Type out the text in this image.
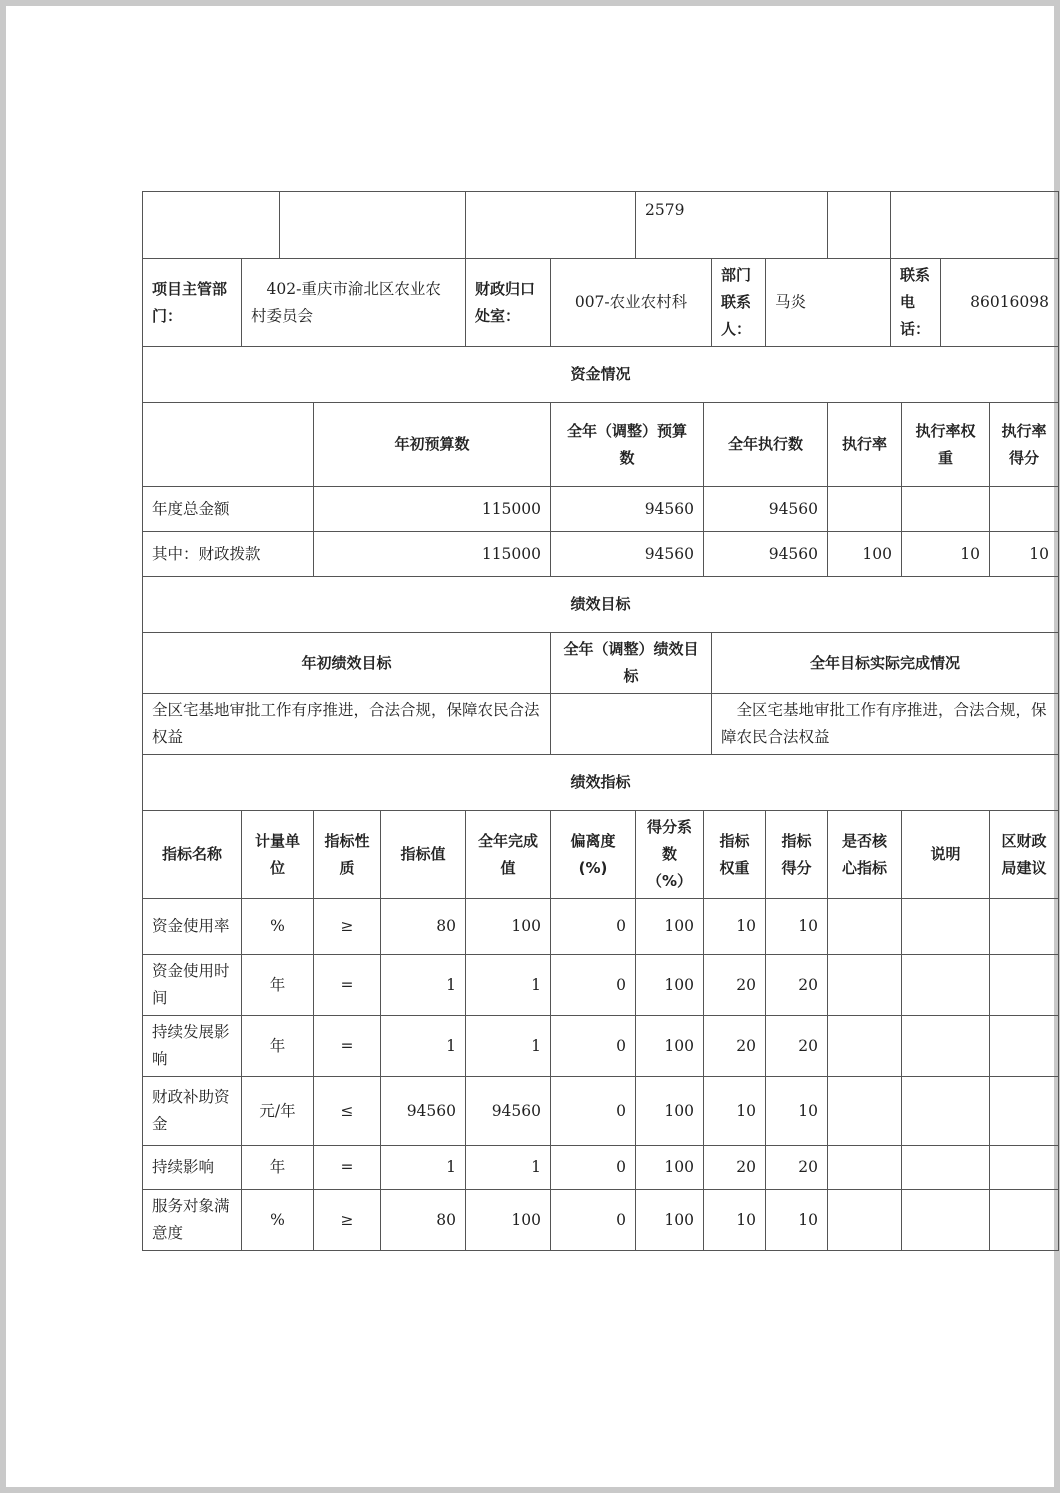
							2579								
项目主管部门：	402-重庆市渝北区农业农村委员会				财政归口处室：	007-农业农村科			部门联系人：	马炎		联系电话：		86016098	
资金情况															
			年初预算数			全年（调整）预算数		全年执行数			执行率		执行率权重		执行率得分
年度总金额			115000			94560		94560							
其中：财政拨款			115000			94560		94560			100		10		10
绩效目标															
年初绩效目标						全年（调整）绩效目标			全年目标实际完成情况						
全区宅基地审批工作有序推进，合法合规，保障农民合法权益									全区宅基地审批工作有序推进，合法合规，保障农民合法权益						
绩效指标															
指标名称	计量单位		指标性质	指标值	全年完成值	偏离度(%)	得分系数（%）	指标权重		指标得分	是否核心指标		说明		区财政局建议
资金使用率	%		≥	80	100	0	100	10		10					
资金使用时间	年		=	1	1	0	100	20		20					
持续发展影响	年		=	1	1	0	100	20		20					
财政补助资金	元/年		≤	94560	94560	0	100	10		10					
持续影响	年		=	1	1	0	100	20		20					
服务对象满意度	%		≥	80	100	0	100	10		10					
